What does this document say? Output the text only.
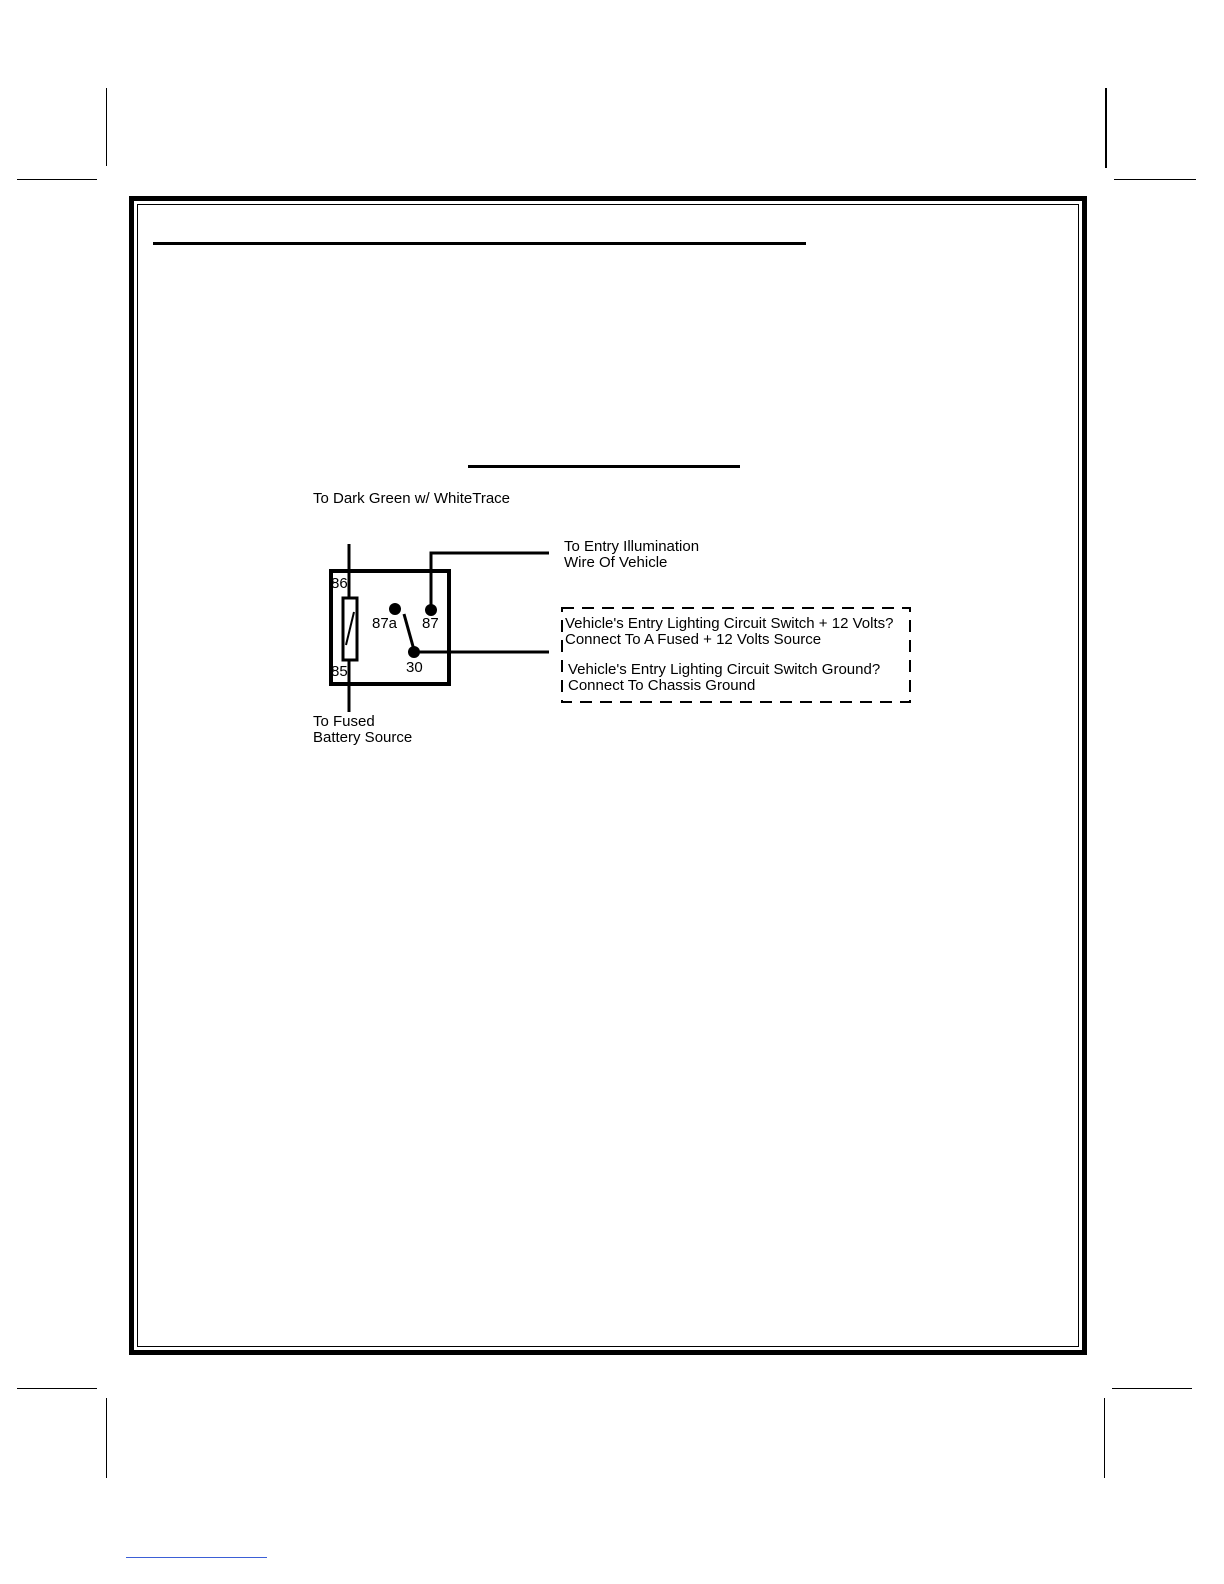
To Dark Green w/ WhiteTrace
To Entry Illumination
Wire Of Vehicle
86
85
87a 87
30
Vehicle's Entry Lighting Circuit Switch + 12 Volts?
Connect To A Fused + 12 Volts Source
Vehicle's Entry Lighting Circuit Switch Ground?
Connect To Chassis Ground
To Fused
Battery Source
